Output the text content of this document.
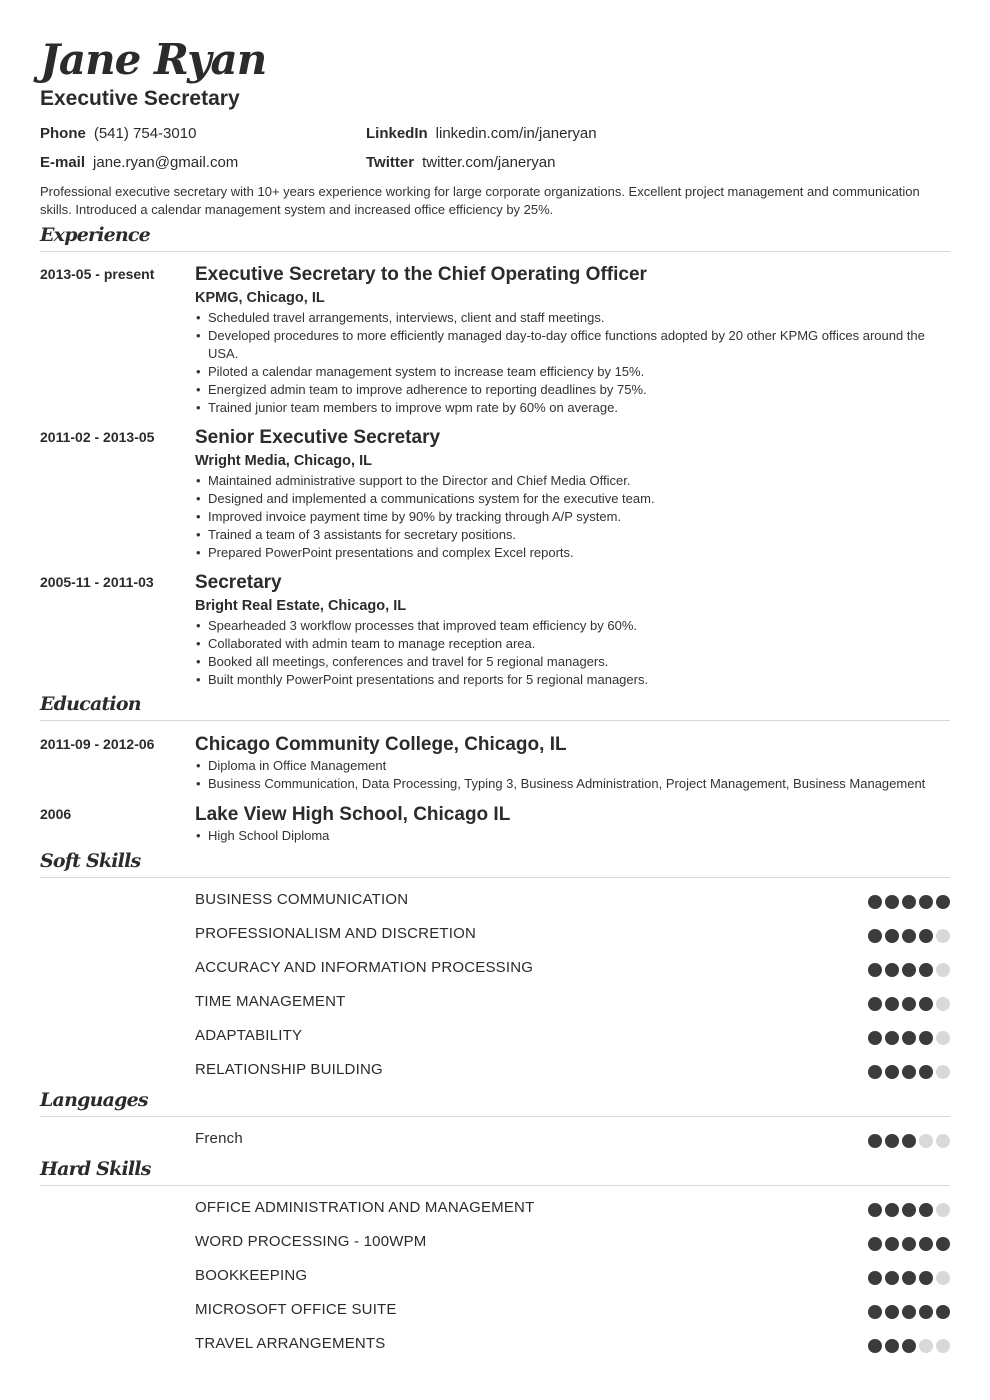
Jane Ryan
Executive Secretary
Phone (541) 754-3010	LinkedIn linkedin.com/in/janeryan
E-mail jane.ryan@gmail.com	Twitter twitter.com/janeryan
Professional executive secretary with 10+ years experience working for large corporate organizations. Excellent project management and communication skills. Introduced a calendar management system and increased office efficiency by 25%.
Experience
2013-05 - present Executive Secretary to the Chief Operating Officer
KPMG, Chicago, IL
• Scheduled travel arrangements, interviews, client and staff meetings.
• Developed procedures to more efficiently managed day-to-day office functions adopted by 20 other KPMG offices around the USA.
• Piloted a calendar management system to increase team efficiency by 15%.
• Energized admin team to improve adherence to reporting deadlines by 75%.
• Trained junior team members to improve wpm rate by 60% on average.
2011-02 - 2013-05 Senior Executive Secretary
Wright Media, Chicago, IL
• Maintained administrative support to the Director and Chief Media Officer.
• Designed and implemented a communications system for the executive team.
• Improved invoice payment time by 90% by tracking through A/P system.
• Trained a team of 3 assistants for secretary positions.
• Prepared PowerPoint presentations and complex Excel reports.
2005-11 - 2011-03 Secretary
Bright Real Estate, Chicago, IL
• Spearheaded 3 workflow processes that improved team efficiency by 60%.
• Collaborated with admin team to manage reception area.
• Booked all meetings, conferences and travel for 5 regional managers.
• Built monthly PowerPoint presentations and reports for 5 regional managers.
Education
2011-09 - 2012-06 Chicago Community College, Chicago, IL
• Diploma in Office Management
• Business Communication, Data Processing, Typing 3, Business Administration, Project Management, Business Management
2006	Lake View High School, Chicago IL
• High School Diploma
Soft Skills
BUSINESS COMMUNICATION
PROFESSIONALISM AND DISCRETION
ACCURACY AND INFORMATION PROCESSING
TIME MANAGEMENT
ADAPTABILITY
RELATIONSHIP BUILDING
Languages
French
Hard Skills
OFFICE ADMINISTRATION AND MANAGEMENT
WORD PROCESSING - 100WPM
BOOKKEEPING
MICROSOFT OFFICE SUITE
TRAVEL ARRANGEMENTS
